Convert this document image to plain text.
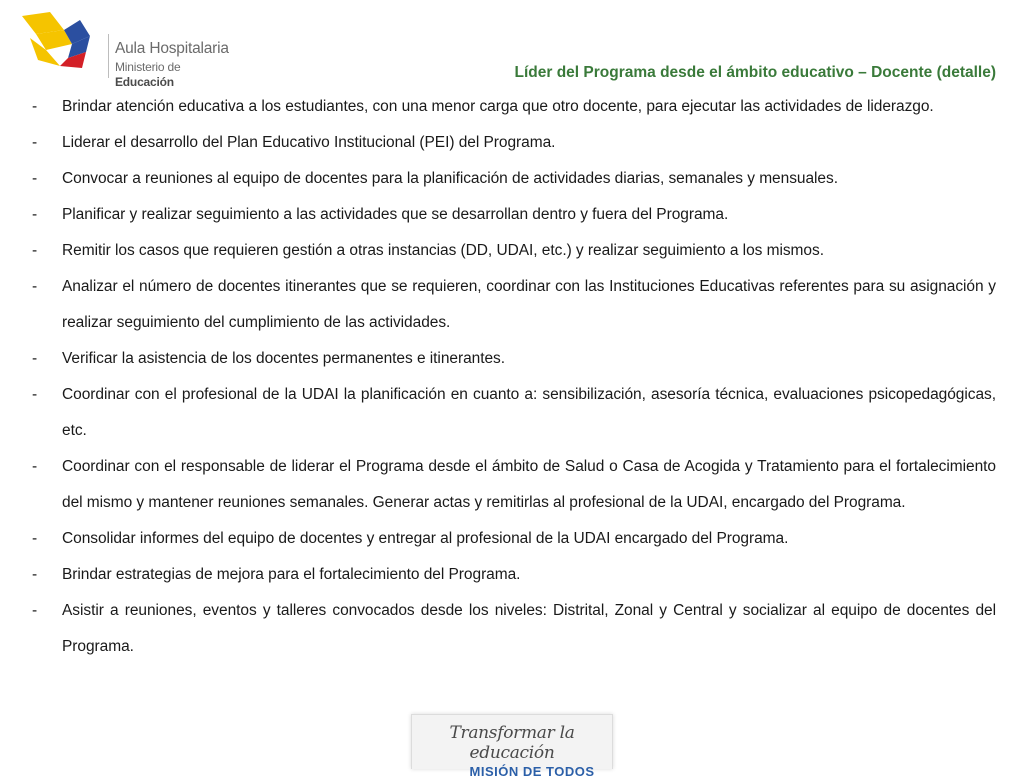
Aula Hospitalaria
Ministerio de Educación
Líder del Programa desde el ámbito educativo – Docente (detalle)
- Brindar atención educativa a los estudiantes, con una menor carga que otro docente, para ejecutar las actividades de liderazgo.
- Liderar el desarrollo del Plan Educativo Institucional (PEI) del Programa.
- Convocar a reuniones al equipo de docentes para la planificación de actividades diarias, semanales y mensuales.
- Planificar y realizar seguimiento a las actividades que se desarrollan dentro y fuera del Programa.
- Remitir los casos que requieren gestión a otras instancias (DD, UDAI, etc.) y realizar seguimiento a los mismos.
- Analizar el número de docentes itinerantes que se requieren, coordinar con las Instituciones Educativas referentes para su asignación y realizar seguimiento del cumplimiento de las actividades.
- Verificar la asistencia de los docentes permanentes e itinerantes.
- Coordinar con el profesional de la UDAI la planificación en cuanto a: sensibilización, asesoría técnica, evaluaciones psicopedagógicas, etc.
- Coordinar con el responsable de liderar el Programa desde el ámbito de Salud o Casa de Acogida y Tratamiento para el fortalecimiento del mismo y mantener reuniones semanales. Generar actas y remitirlas al profesional de la UDAI, encargado del Programa.
- Consolidar informes del equipo de docentes y entregar al profesional de la UDAI encargado del Programa.
- Brindar estrategias de mejora para el fortalecimiento del Programa.
- Asistir a reuniones, eventos y talleres convocados desde los niveles: Distrital, Zonal y Central y socializar al equipo de docentes del Programa.
Transformar la educación
MISIÓN DE TODOS
